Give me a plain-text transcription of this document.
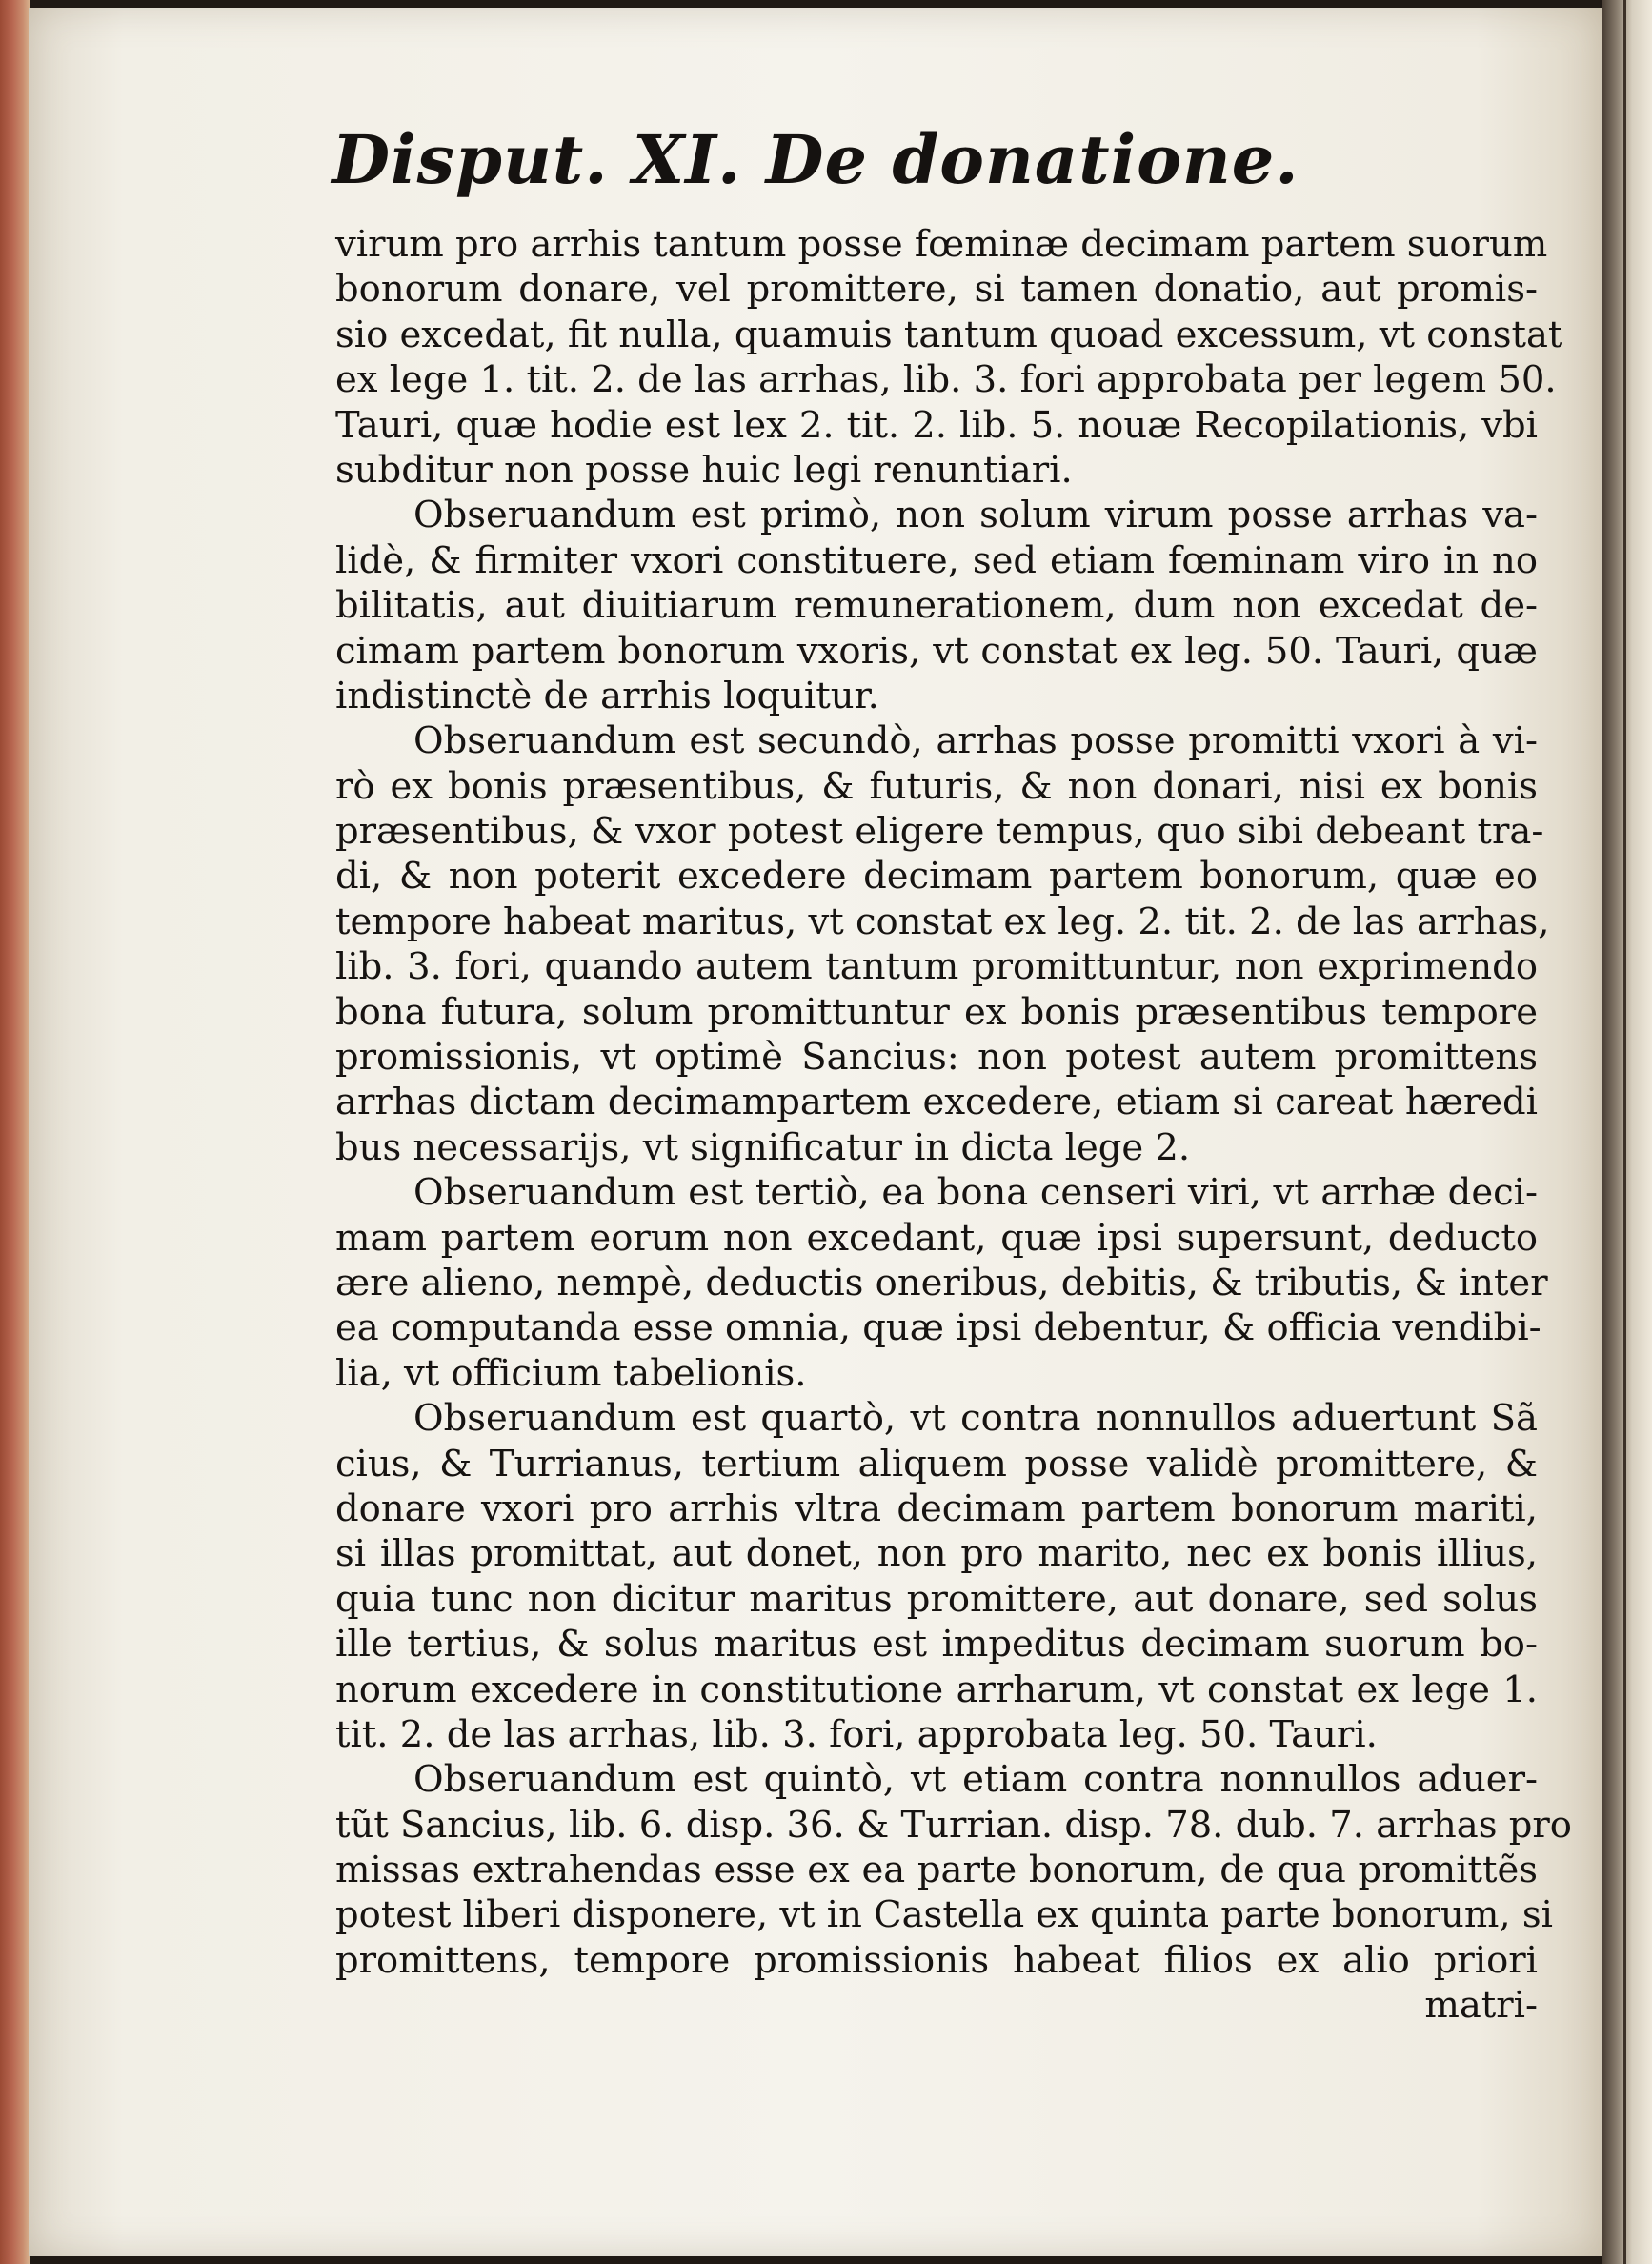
Disput. XI. De donatione.
virum pro arrhis tantum posse fœminæ decimam partem suorum
bonorum donare, vel promittere, si tamen donatio, aut promis-
sio excedat, fit nulla, quamuis tantum quoad excessum, vt constat
ex lege 1. tit. 2. de las arrhas, lib. 3. fori approbata per legem 50.
Tauri, quæ hodie est lex 2. tit. 2. lib. 5. nouæ Recopilationis, vbi
subditur non posse huic legi renuntiari.
Obseruandum est primò, non solum virum posse arrhas va-
lidè, & firmiter vxori constituere, sed etiam fœminam viro in no
bilitatis, aut diuitiarum remunerationem, dum non excedat de-
cimam partem bonorum vxoris, vt constat ex leg. 50. Tauri, quæ
indistinctè de arrhis loquitur.
Obseruandum est secundò, arrhas posse promitti vxori à vi-
rò ex bonis præsentibus, & futuris, & non donari, nisi ex bonis
præsentibus, & vxor potest eligere tempus, quo sibi debeant tra-
di, & non poterit excedere decimam partem bonorum, quæ eo
tempore habeat maritus, vt constat ex leg. 2. tit. 2. de las arrhas,
lib. 3. fori, quando autem tantum promittuntur, non exprimendo
bona futura, solum promittuntur ex bonis præsentibus tempore
promissionis, vt optimè Sancius: non potest autem promittens
arrhas dictam decimampartem excedere, etiam si careat hæredi
bus necessarijs, vt significatur in dicta lege 2.
Obseruandum est tertiò, ea bona censeri viri, vt arrhæ deci-
mam partem eorum non excedant, quæ ipsi supersunt, deducto
ære alieno, nempè, deductis oneribus, debitis, & tributis, & inter
ea computanda esse omnia, quæ ipsi debentur, & officia vendibi-
lia, vt officium tabelionis.
Obseruandum est quartò, vt contra nonnullos aduertunt Sã
cius, & Turrianus, tertium aliquem posse validè promittere, &
donare vxori pro arrhis vltra decimam partem bonorum mariti,
si illas promittat, aut donet, non pro marito, nec ex bonis illius,
quia tunc non dicitur maritus promittere, aut donare, sed solus
ille tertius, & solus maritus est impeditus decimam suorum bo-
norum excedere in constitutione arrharum, vt constat ex lege 1.
tit. 2. de las arrhas, lib. 3. fori, approbata leg. 50. Tauri.
Obseruandum est quintò, vt etiam contra nonnullos aduer-
tũt Sancius, lib. 6. disp. 36. & Turrian. disp. 78. dub. 7. arrhas pro
missas extrahendas esse ex ea parte bonorum, de qua promittẽs
potest liberi disponere, vt in Castella ex quinta parte bonorum, si
promittens, tempore promissionis habeat filios ex alio priori
matri-
